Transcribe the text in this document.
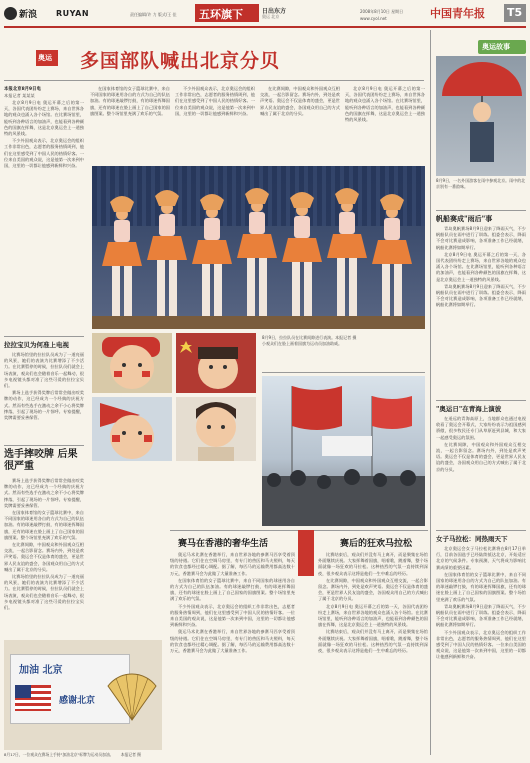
新浪 RUYAN	责任编辑/许 力 版式/王 佳 五环旗下	日出东方
奥运 北京
2008年8月10日 星期日
www.cyol.net	中国青年报 T5
奥运 多国部队喊出北京分贝
本报北京8月9日电
本报记者 某某某

北京8月9日电 奥运开幕之后的第一天，各国代表团纷纷走上赛场，来自世界各地的观众也涌入各个场馆。在比赛场馆里，能听到各种语言的加油声，也能看到各种颜色的国旗在挥舞，这是北京奥运会上一道独特的风景线。

不少外国观众表示，北京奥运会的组织工作非常出色，志愿者的服务热情周到，他们在这里感受到了中国人民的热情好客。一位来自美国的观众说，这是他第一次来到中国，这里的一切都让他感到新鲜和兴奋。

在国家体育馆的女子篮球比赛中，来自不同国家的球迷用各自的方式为自己的队伍加油。有的球迷敲锣打鼓，有的球迷挥舞国旗，还有的球迷在脸上画上了自己国家的国旗图案。整个场馆里充满了欢乐的气氛。

不少外国观众表示，北京奥运会的组织工作非常出色，志愿者的服务热情周到，他们在这里感受到了中国人民的热情好客。一位来自美国的观众说，这是他第一次来到中国，这里的一切都让他感到新鲜和兴奋。

在比赛间隙，中国观众和外国观众互相交流，一起合影留念。赛场内外，到处是欢声笑语。奥运会不仅是体育的盛会，更是世界人民友谊的盛会，各国观众用自己的方式喊出了属于北京的分贝。

北京8月9日电 奥运开幕之后的第一天，各国代表团纷纷走上赛场，来自世界各地的观众也涌入各个场馆。在比赛场馆里，能听到各种语言的加油声，也能看到各种颜色的国旗在挥舞，这是北京奥运会上一道独特的风景线。

拉拉宝贝为何准上电视

比赛场馆里的拉拉队员成为了一道亮丽的风景，她们的表演为比赛增添了不少活力。在比赛暂停的时候，拉拉队员们就会上场表演，观众们也会随着音乐一起舞动，很多电视镜头都对准了这些可爱的拉拉宝贝们。

赛场上选手获得奖牌后常常会做出咬奖牌的动作，这已经成为一个经典的庆祝方式。然而有些选手在激动之余不小心将奖牌摔落，引起了现场的一片惊呼。专家提醒，奖牌需要妥善保管。

选手摔咬牌 后果很严重

赛场上选手获得奖牌后常常会做出咬奖牌的动作，这已经成为一个经典的庆祝方式。然而有些选手在激动之余不小心将奖牌摔落，引起了现场的一片惊呼。专家提醒，奖牌需要妥善保管。

在国家体育馆的女子篮球比赛中，来自不同国家的球迷用各自的方式为自己的队伍加油。有的球迷敲锣打鼓，有的球迷挥舞国旗，还有的球迷在脸上画上了自己国家的国旗图案。整个场馆里充满了欢乐的气氛。

在比赛间隙，中国观众和外国观众互相交流，一起合影留念。赛场内外，到处是欢声笑语。奥运会不仅是体育的盛会，更是世界人民友谊的盛会，各国观众用自己的方式喊出了属于北京的分贝。

比赛场馆里的拉拉队员成为了一道亮丽的风景，她们的表演为比赛增添了不少活力。在比赛暂停的时候，拉拉队员们就会上场表演，观众们也会随着音乐一起舞动，很多电视镜头都对准了这些可爱的拉拉宝贝们。

8月9日，拉拉队员在比赛间隙进行表演。本报记者 摄
小观众们在脸上画着国旗为运动员加油助威。
加油 北京
感谢北京
8月17日，一位观众在赛场上手持"加油北京"标牌为运动员加油。 本报记者 摄
赛马在香港的奢华生活

奥运马术比赛在香港举行，来自世界各地的参赛马匹享受着顶级的待遇。它们住在空调马房里，有专门的兽医和马夫照料，每天的饮食也都经过精心调配。据了解，每匹马的运输费用都高达数十万元，香港赛马会为此做了大量准备工作。

在国家体育馆的女子篮球比赛中，来自不同国家的球迷用各自的方式为自己的队伍加油。有的球迷敲锣打鼓，有的球迷挥舞国旗，还有的球迷在脸上画上了自己国家的国旗图案。整个场馆里充满了欢乐的气氛。

不少外国观众表示，北京奥运会的组织工作非常出色，志愿者的服务热情周到，他们在这里感受到了中国人民的热情好客。一位来自美国的观众说，这是他第一次来到中国，这里的一切都让他感到新鲜和兴奋。

奥运马术比赛在香港举行，来自世界各地的参赛马匹享受着顶级的待遇。它们住在空调马房里，有专门的兽医和马夫照料，每天的饮食也都经过精心调配。据了解，每匹马的运输费用都高达数十万元，香港赛马会为此做了大量准备工作。

赛后的狂欢马拉松

比赛结束后，观众们并没有马上离开，而是聚集在场馆外面继续庆祝。大家挥舞着国旗，唱着歌，跳着舞，整个场面就像一场狂欢的马拉松。这种热烈的气氛一直持续到深夜，很多观众表示这将是他们一生中难忘的经历。

在比赛间隙，中国观众和外国观众互相交流，一起合影留念。赛场内外，到处是欢声笑语。奥运会不仅是体育的盛会，更是世界人民友谊的盛会，各国观众用自己的方式喊出了属于北京的分贝。

北京8月9日电 奥运开幕之后的第一天，各国代表团纷纷走上赛场，来自世界各地的观众也涌入各个场馆。在比赛场馆里，能听到各种语言的加油声，也能看到各种颜色的国旗在挥舞，这是北京奥运会上一道独特的风景线。

比赛结束后，观众们并没有马上离开，而是聚集在场馆外面继续庆祝。大家挥舞着国旗，唱着歌，跳着舞，整个场面就像一场狂欢的马拉松。这种热烈的气氛一直持续到深夜，很多观众表示这将是他们一生中难忘的经历。

奥运故事
8月9日，一名外国游客在雨中参观北京。雨中的北京别有一番韵味。
帆船赛成"雨后"事

青岛奥帆赛场8月9日迎来了降雨天气，不少帆船队员在雨中进行了训练。组委会表示，降雨不会对比赛造成影响，各项准备工作已经就绪，帆船比赛将如期举行。

北京8月9日电 奥运开幕之后的第一天，各国代表团纷纷走上赛场，来自世界各地的观众也涌入各个场馆。在比赛场馆里，能听到各种语言的加油声，也能看到各种颜色的国旗在挥舞，这是北京奥运会上一道独特的风景线。

青岛奥帆赛场8月9日迎来了降雨天气，不少帆船队员在雨中进行了训练。组委会表示，降雨不会对比赛造成影响，各项准备工作已经就绪，帆船比赛将如期举行。

"奥运日"在青海上演彼

在遥远的青海高原上，当地群众也通过电视收看了奥运会开幕式，大家纷纷表示为祖国感到骄傲，很多牧民还专门从草原赶到县城，和大家一起感受奥运的氛围。

在比赛间隙，中国观众和外国观众互相交流，一起合影留念。赛场内外，到处是欢声笑语。奥运会不仅是体育的盛会，更是世界人民友谊的盛会，各国观众用自己的方式喊出了属于北京的分贝。

女子马拉松：同热雨天下

北京奥运会女子马拉松比赛将在8月17日举行，目前各国选手已经陆续抵达北京，开始适应北京的气候条件。专家预测，天气将成为影响比赛成绩的重要因素。

在国家体育馆的女子篮球比赛中，来自不同国家的球迷用各自的方式为自己的队伍加油。有的球迷敲锣打鼓，有的球迷挥舞国旗，还有的球迷在脸上画上了自己国家的国旗图案。整个场馆里充满了欢乐的气氛。

青岛奥帆赛场8月9日迎来了降雨天气，不少帆船队员在雨中进行了训练。组委会表示，降雨不会对比赛造成影响，各项准备工作已经就绪，帆船比赛将如期举行。

不少外国观众表示，北京奥运会的组织工作非常出色，志愿者的服务热情周到，他们在这里感受到了中国人民的热情好客。一位来自美国的观众说，这是他第一次来到中国，这里的一切都让他感到新鲜和兴奋。
